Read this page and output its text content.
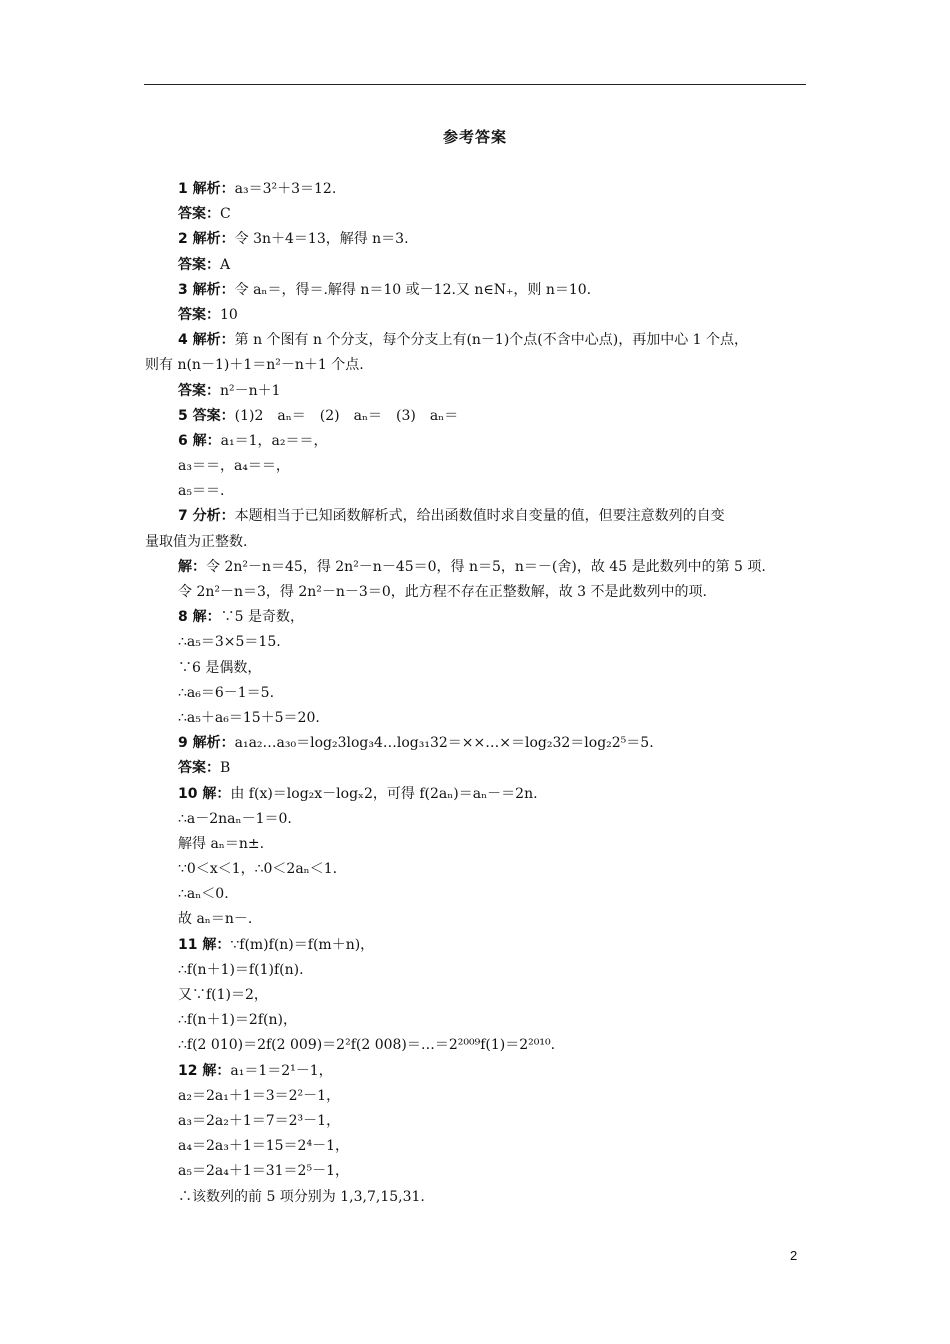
参考答案
1 解析：a₃＝3²＋3＝12.
答案：C
2 解析：令 3n＋4＝13，解得 n＝3.
答案：A
3 解析：令 aₙ＝，得＝.解得 n＝10 或－12.又 n∈N₊，则 n＝10.
答案：10
4 解析：第 n 个图有 n 个分支，每个分支上有(n－1)个点(不含中心点)，再加中心 1 个点，
则有 n(n－1)＋1＝n²－n＋1 个点.
答案：n²－n＋1
5 答案：(1)2　aₙ＝　(2)　aₙ＝　(3)　aₙ＝
6 解：a₁＝1，a₂＝＝，
a₃＝＝，a₄＝＝，
a₅＝＝.
7 分析：本题相当于已知函数解析式，给出函数值时求自变量的值，但要注意数列的自变
量取值为正整数.
解：令 2n²－n＝45，得 2n²－n－45＝0，得 n＝5，n＝－(舍)，故 45 是此数列中的第 5 项.
令 2n²－n＝3，得 2n²－n－3＝0，此方程不存在正整数解，故 3 不是此数列中的项.
8 解：∵5 是奇数，
∴a₅＝3×5＝15.
∵6 是偶数，
∴a₆＝6－1＝5.
∴a₅＋a₆＝15＋5＝20.
9 解析：a₁a₂…a₃₀＝log₂3log₃4…log₃₁32＝××…×＝log₂32＝log₂2⁵＝5.
答案：B
10 解：由 f(x)＝log₂x－logₓ2，可得 f(2aₙ)＝aₙ－＝2n.
∴a－2naₙ－1＝0.
解得 aₙ＝n±.
∵0＜x＜1，∴0＜2aₙ＜1.
∴aₙ＜0.
故 aₙ＝n－.
11 解：∵f(m)f(n)＝f(m＋n)，
∴f(n＋1)＝f(1)f(n).
又∵f(1)＝2，
∴f(n＋1)＝2f(n)，
∴f(2 010)＝2f(2 009)＝2²f(2 008)＝…＝2²⁰⁰⁹f(1)＝2²⁰¹⁰.
12 解：a₁＝1＝2¹－1，
a₂＝2a₁＋1＝3＝2²－1，
a₃＝2a₂＋1＝7＝2³－1，
a₄＝2a₃＋1＝15＝2⁴－1，
a₅＝2a₄＋1＝31＝2⁵－1，
∴该数列的前 5 项分别为 1,3,7,15,31.
2
